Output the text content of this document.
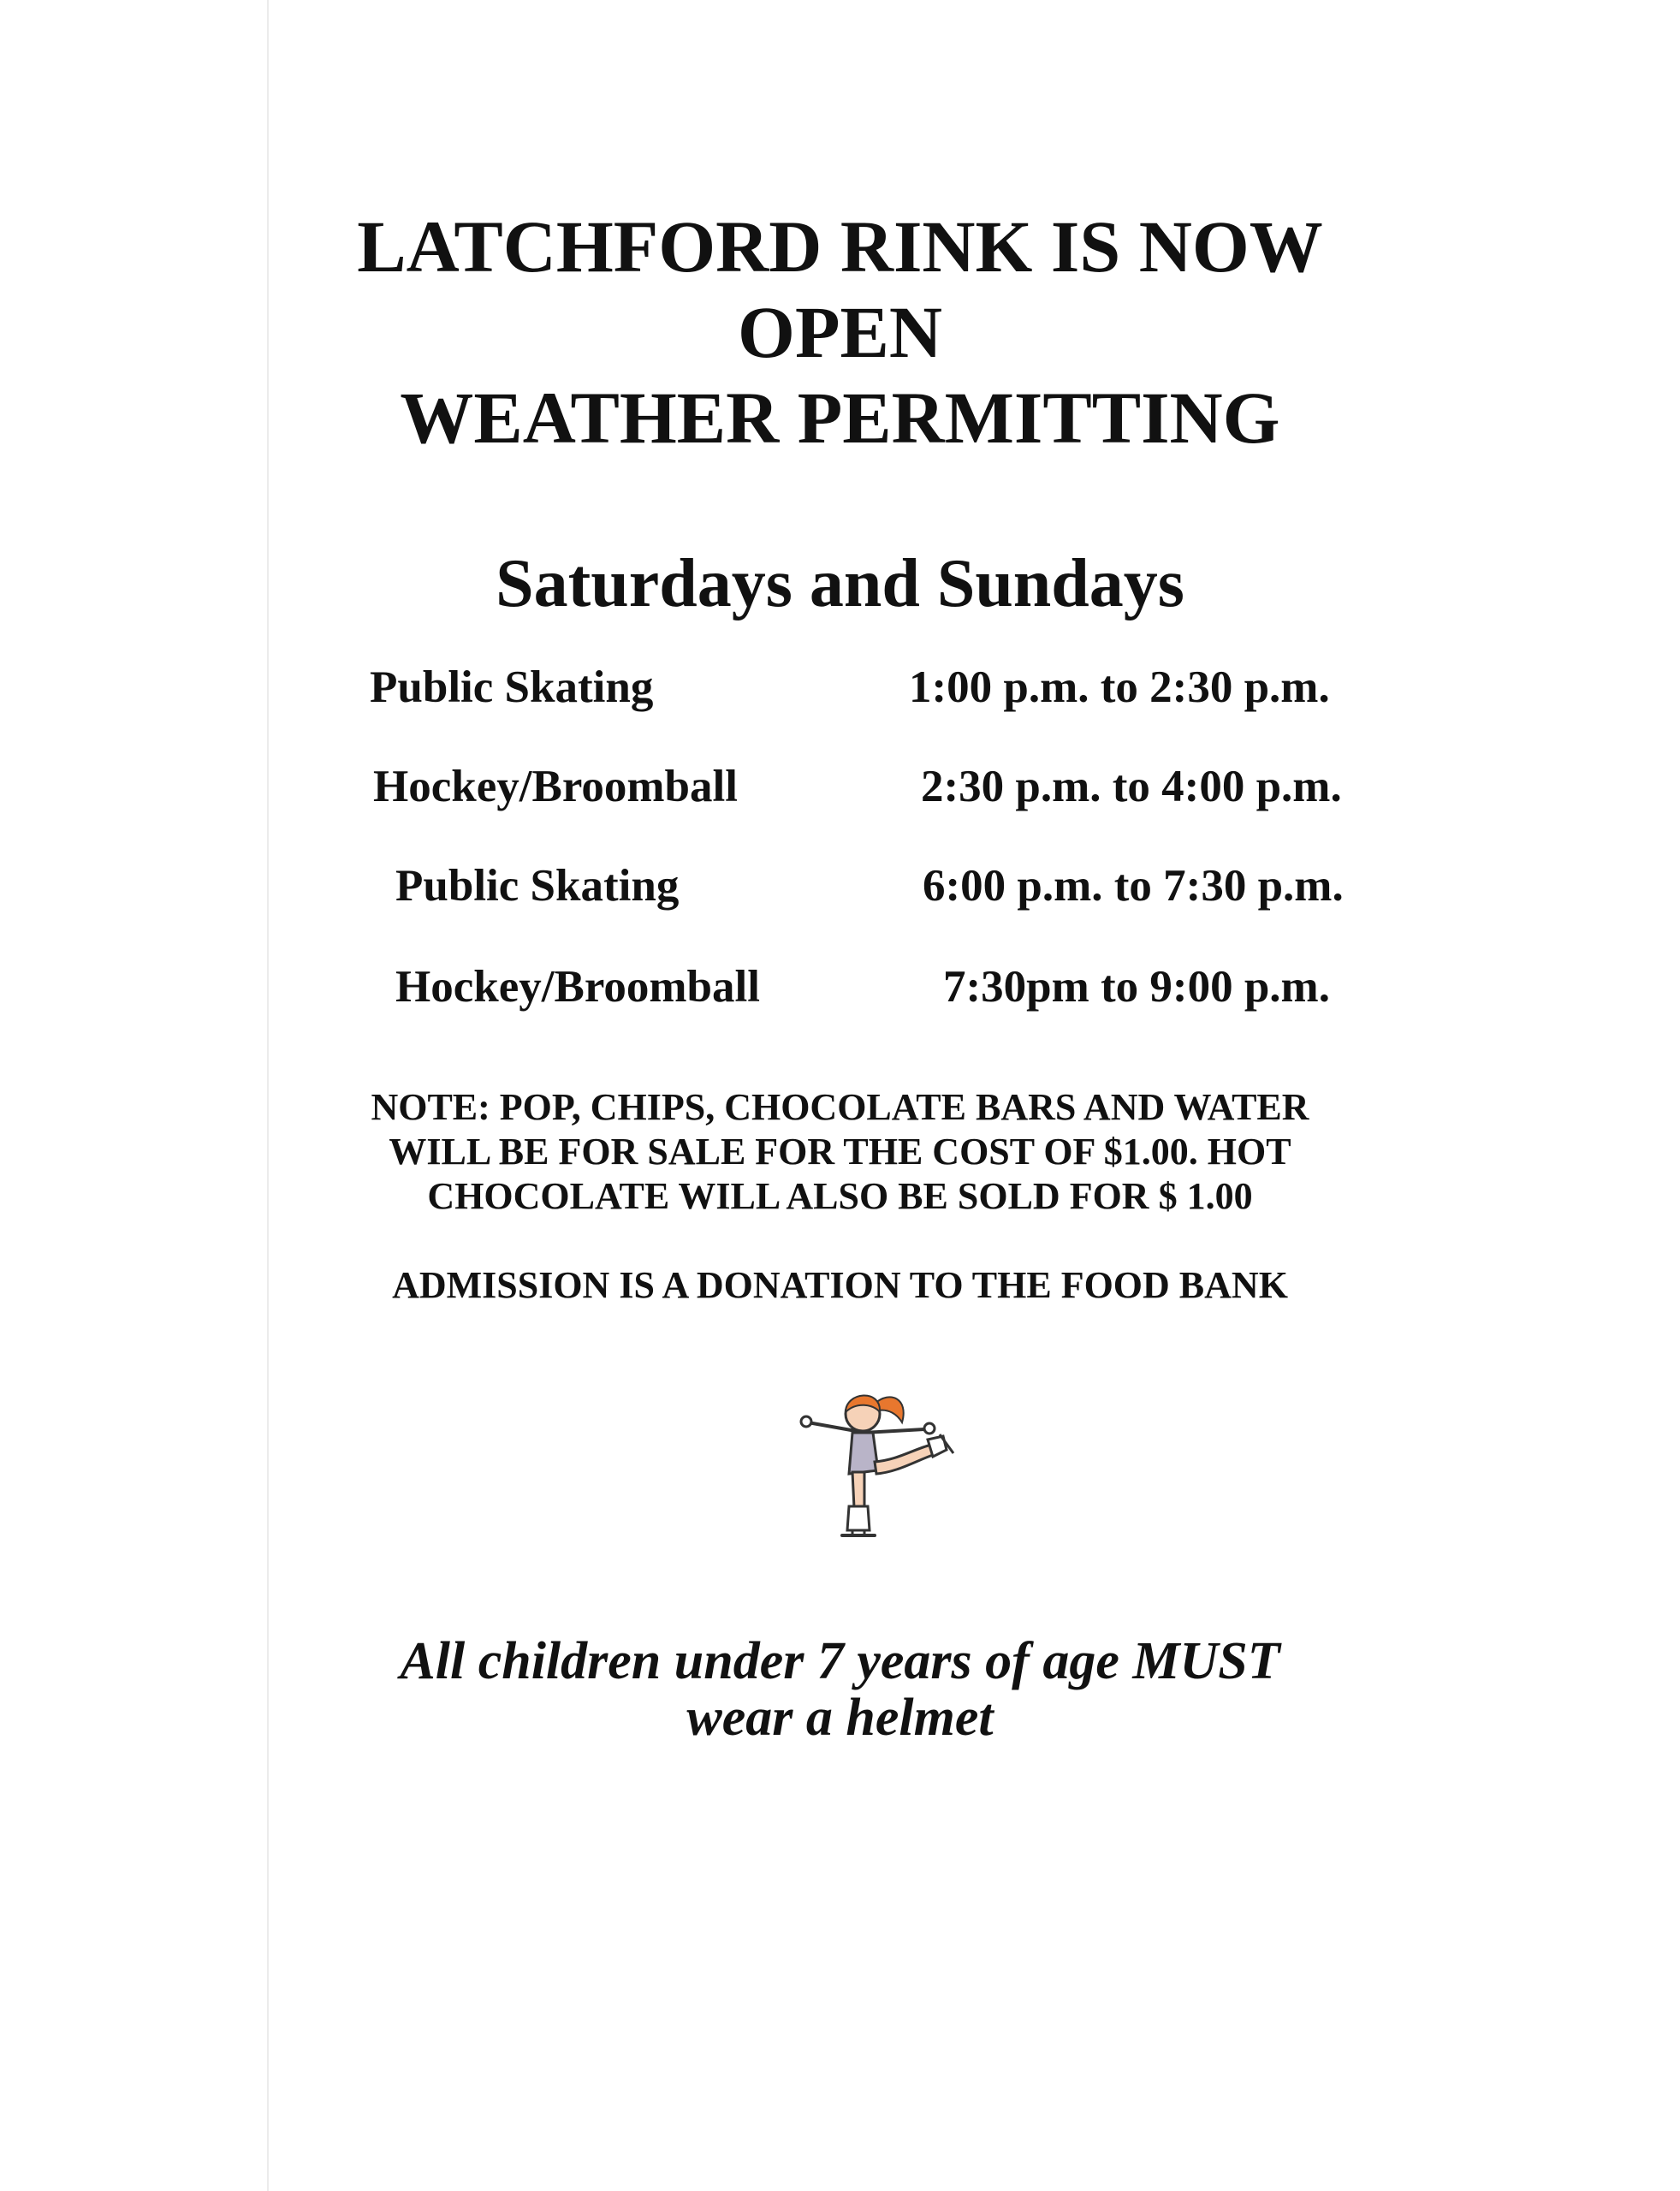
LATCHFORD RINK IS NOW
OPEN
WEATHER PERMITTING
Saturdays and Sundays
Public Skating	1:00 p.m. to 2:30 p.m.
Hockey/Broomball	2:30 p.m. to 4:00 p.m.
Public Skating	6:00 p.m. to 7:30 p.m.
Hockey/Broomball	7:30pm to 9:00 p.m.
NOTE: POP, CHIPS, CHOCOLATE BARS AND WATER
WILL BE FOR SALE FOR THE COST OF $1.00. HOT
CHOCOLATE WILL ALSO BE SOLD FOR $ 1.00
ADMISSION IS A DONATION TO THE FOOD BANK
All children under 7 years of age MUST
wear a helmet
